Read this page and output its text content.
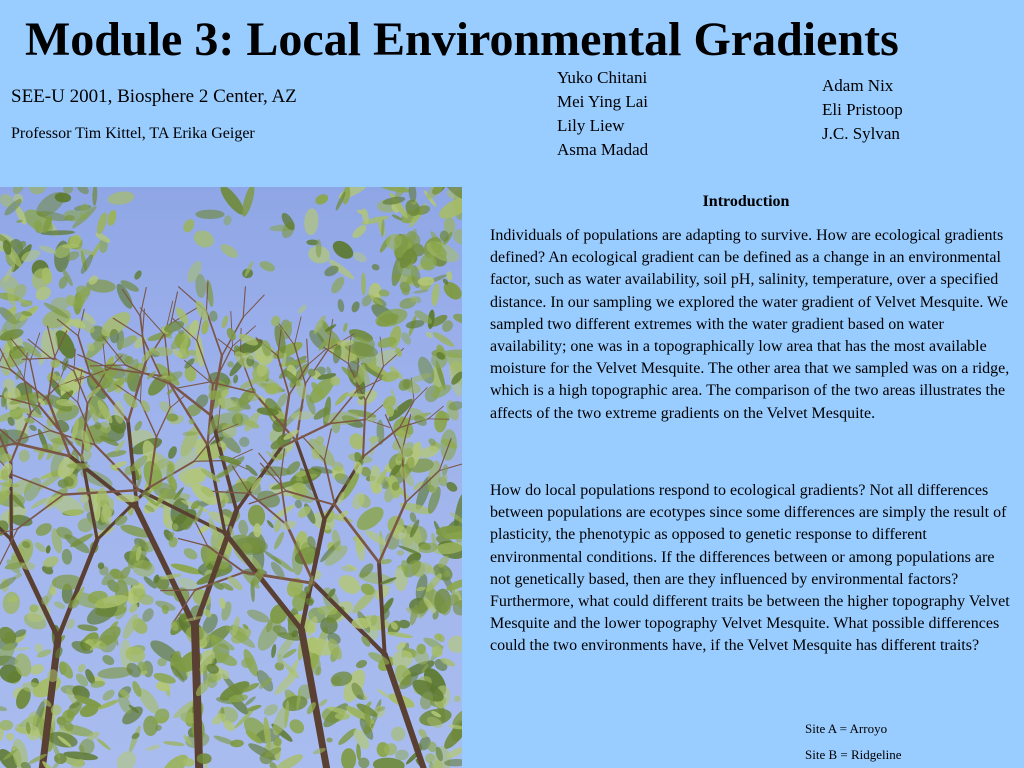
Module 3: Local Environmental Gradients
SEE-U 2001, Biosphere 2 Center, AZ
Professor Tim Kittel, TA Erika Geiger
Yuko Chitani
Mei Ying Lai
Lily Liew
Asma Madad
Adam Nix
Eli Pristoop
J.C. Sylvan
Introduction

Individuals of populations are adapting to survive. How are ecological gradients defined? An ecological gradient can be defined as a change in an environmental factor, such as water availability, soil pH, salinity, temperature, over a specified distance. In our sampling we explored the water gradient of Velvet Mesquite. We sampled two different extremes with the water gradient based on water availability; one was in a topographically low area that has the most available moisture for the Velvet Mesquite. The other area that we sampled was on a ridge, which is a high topographic area. The comparison of the two areas illustrates the affects of the two extreme gradients on the Velvet Mesquite.

How do local populations respond to ecological gradients? Not all differences between populations are ecotypes since some differences are simply the result of plasticity, the phenotypic as opposed to genetic response to different environmental conditions. If the differences between or among populations are not genetically based, then are they influenced by environmental factors? Furthermore, what could different traits be between the higher topography Velvet Mesquite and the lower topography Velvet Mesquite. What possible differences could the two environments have, if the Velvet Mesquite has different traits?

Site A = Arroyo
Site B = Ridgeline
